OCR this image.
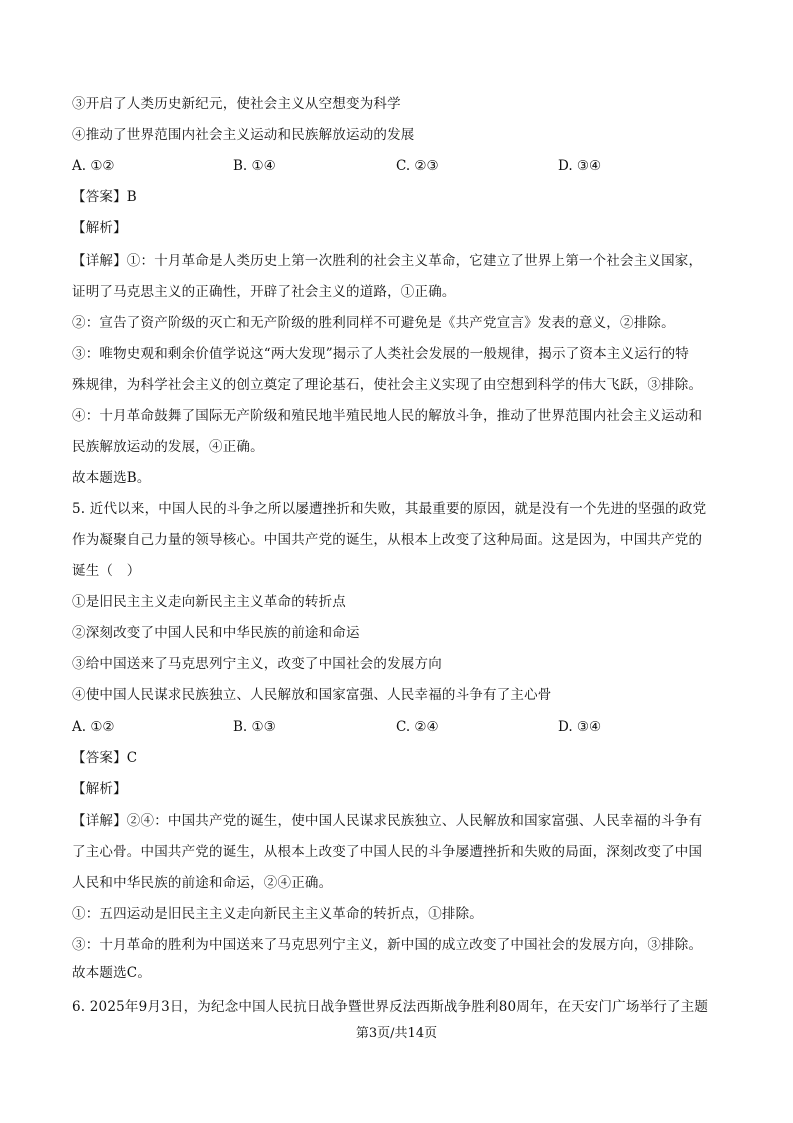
③开启了人类历史新纪元，使社会主义从空想变为科学
④推动了世界范围内社会主义运动和民族解放运动的发展
A. ①②	B. ①④	C. ②③	D. ③④
【答案】B
【解析】
【详解】①：十月革命是人类历史上第一次胜利的社会主义革命，它建立了世界上第一个社会主义国家，
证明了马克思主义的正确性，开辟了社会主义的道路，①正确。
②：宣告了资产阶级的灭亡和无产阶级的胜利同样不可避免是《共产党宣言》发表的意义，②排除。
③：唯物史观和剩余价值学说这“两大发现”揭示了人类社会发展的一般规律，揭示了资本主义运行的特
殊规律，为科学社会主义的创立奠定了理论基石，使社会主义实现了由空想到科学的伟大飞跃，③排除。
④：十月革命鼓舞了国际无产阶级和殖民地半殖民地人民的解放斗争，推动了世界范围内社会主义运动和
民族解放运动的发展，④正确。
故本题选B。
5. 近代以来，中国人民的斗争之所以屡遭挫折和失败，其最重要的原因，就是没有一个先进的坚强的政党
作为凝聚自己力量的领导核心。中国共产党的诞生，从根本上改变了这种局面。这是因为，中国共产党的
诞生（　）
①是旧民主主义走向新民主主义革命的转折点
②深刻改变了中国人民和中华民族的前途和命运
③给中国送来了马克思列宁主义，改变了中国社会的发展方向
④使中国人民谋求民族独立、人民解放和国家富强、人民幸福的斗争有了主心骨
A. ①②	B. ①③	C. ②④	D. ③④
【答案】C
【解析】
【详解】②④：中国共产党的诞生，使中国人民谋求民族独立、人民解放和国家富强、人民幸福的斗争有
了主心骨。中国共产党的诞生，从根本上改变了中国人民的斗争屡遭挫折和失败的局面，深刻改变了中国
人民和中华民族的前途和命运，②④正确。
①：五四运动是旧民主主义走向新民主主义革命的转折点，①排除。
③：十月革命的胜利为中国送来了马克思列宁主义，新中国的成立改变了中国社会的发展方向，③排除。
故本题选C。
6. 2025年9月3日，为纪念中国人民抗日战争暨世界反法西斯战争胜利80周年，在天安门广场举行了主题
第3页/共14页
